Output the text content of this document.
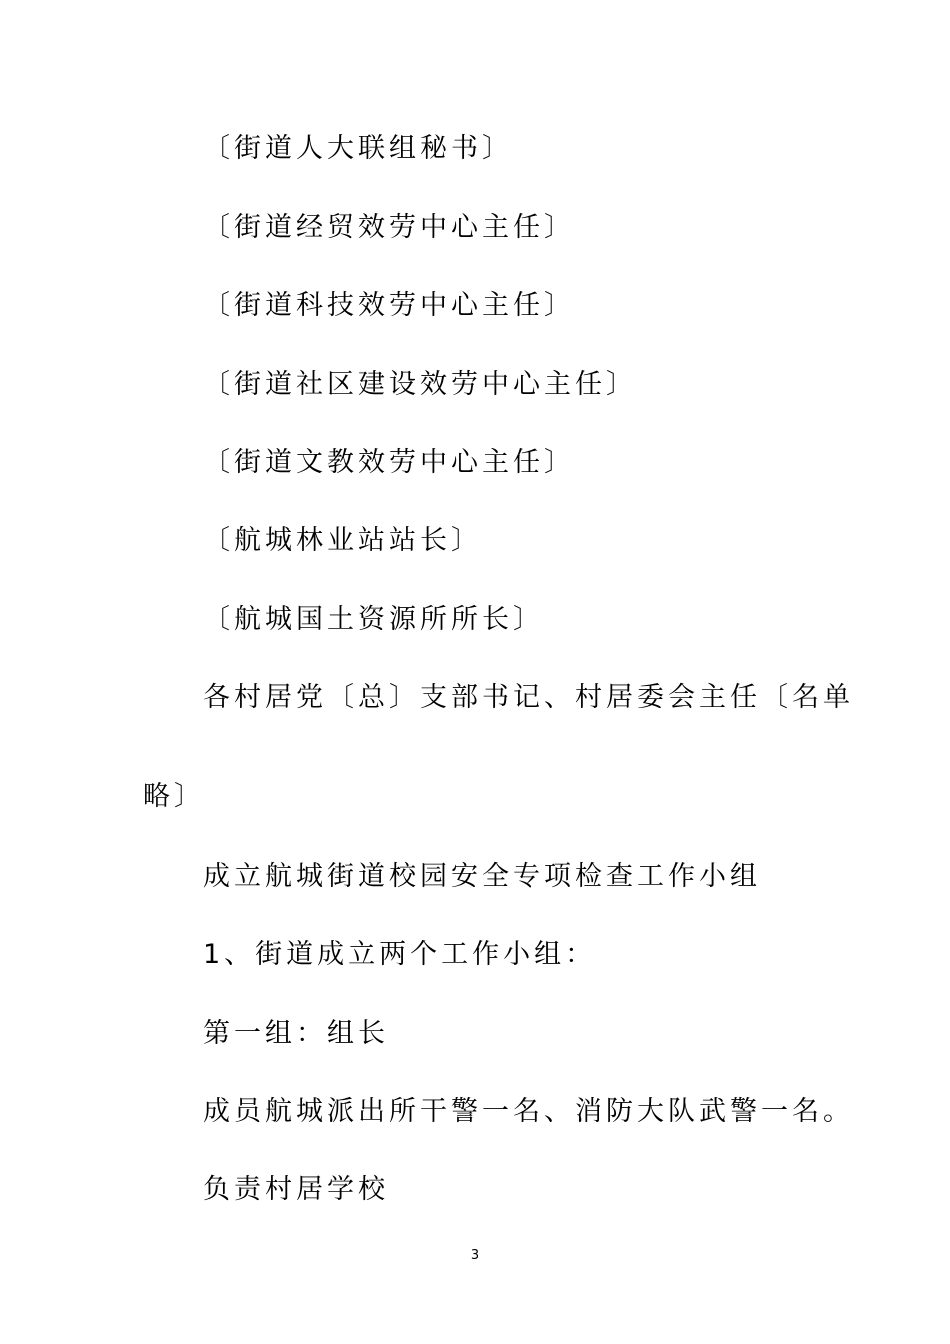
〔街道人大联组秘书〕
〔街道经贸效劳中心主任〕
〔街道科技效劳中心主任〕
〔街道社区建设效劳中心主任〕
〔街道文教效劳中心主任〕
〔航城林业站站长〕
〔航城国土资源所所长〕
各村居党〔总〕支部书记、村居委会主任〔名单
略〕
成立航城街道校园安全专项检查工作小组
1、街道成立两个工作小组：
第一组：组长
成员航城派出所干警一名、消防大队武警一名。
负责村居学校
3
